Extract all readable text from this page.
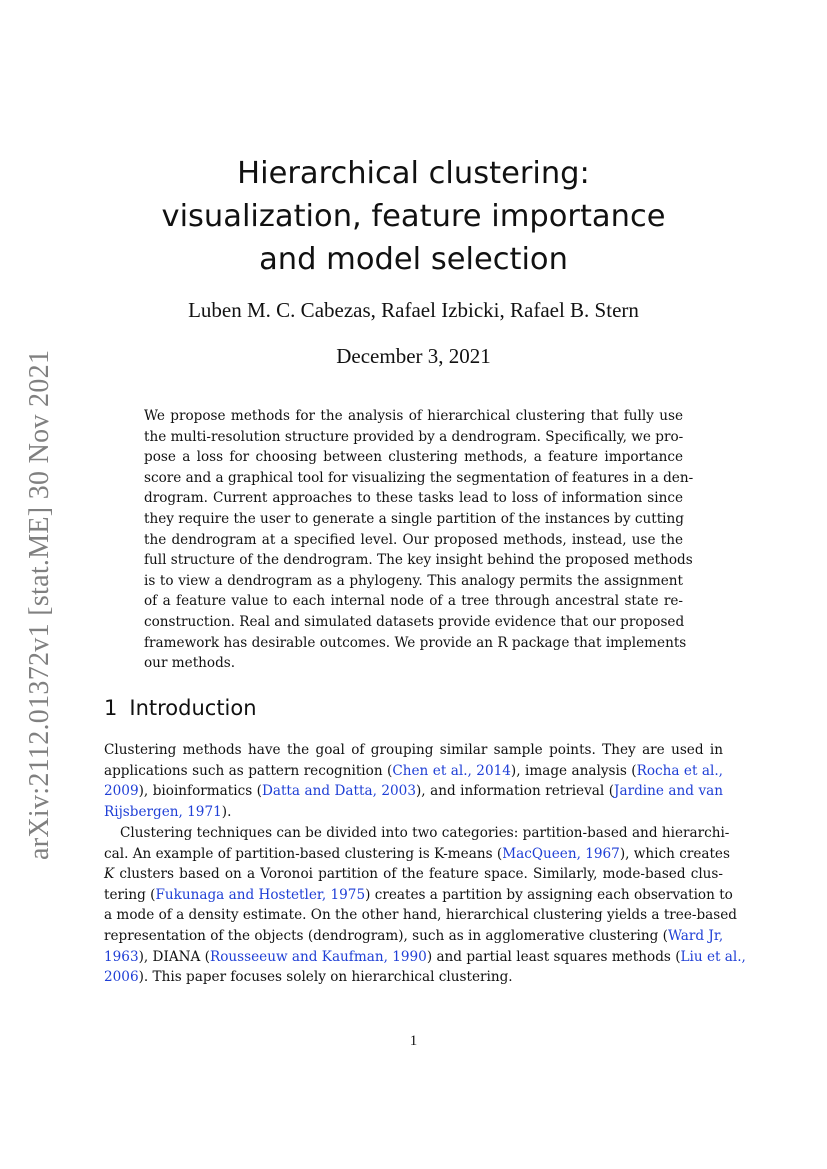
arXiv:2112.01372v1 [stat.ME] 30 Nov 2021
Hierarchical clustering:
visualization, feature importance
and model selection
Luben M. C. Cabezas, Rafael Izbicki, Rafael B. Stern
December 3, 2021

We propose methods for the analysis of hierarchical clustering that fully use
the multi-resolution structure provided by a dendrogram. Specifically, we pro-
pose a loss for choosing between clustering methods, a feature importance
score and a graphical tool for visualizing the segmentation of features in a den-
drogram. Current approaches to these tasks lead to loss of information since
they require the user to generate a single partition of the instances by cutting
the dendrogram at a specified level. Our proposed methods, instead, use the
full structure of the dendrogram. The key insight behind the proposed methods
is to view a dendrogram as a phylogeny. This analogy permits the assignment
of a feature value to each internal node of a tree through ancestral state re-
construction. Real and simulated datasets provide evidence that our proposed
framework has desirable outcomes. We provide an R package that implements
our methods.

1 Introduction

Clustering methods have the goal of grouping similar sample points. They are used in
applications such as pattern recognition (Chen et al., 2014), image analysis (Rocha et al.,
2009), bioinformatics (Datta and Datta, 2003), and information retrieval (Jardine and van
Rijsbergen, 1971).

Clustering techniques can be divided into two categories: partition-based and hierarchi-
cal. An example of partition-based clustering is K-means (MacQueen, 1967), which creates
K clusters based on a Voronoi partition of the feature space. Similarly, mode-based clus-
tering (Fukunaga and Hostetler, 1975) creates a partition by assigning each observation to
a mode of a density estimate. On the other hand, hierarchical clustering yields a tree-based
representation of the objects (dendrogram), such as in agglomerative clustering (Ward Jr,
1963), DIANA (Rousseeuw and Kaufman, 1990) and partial least squares methods (Liu et al.,
2006). This paper focuses solely on hierarchical clustering.

1
